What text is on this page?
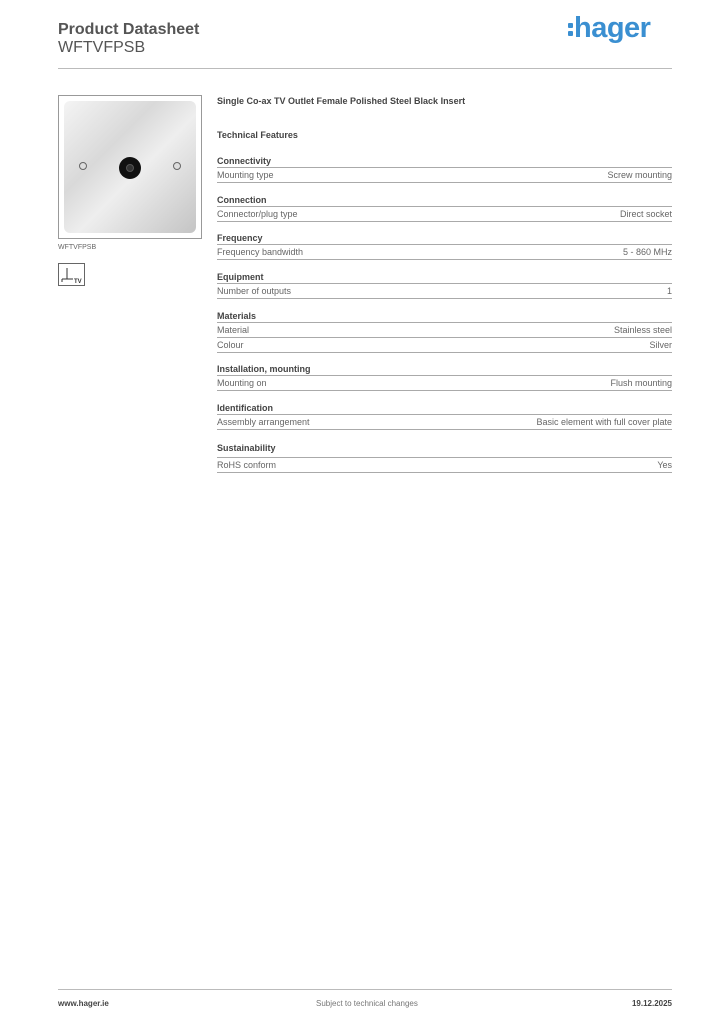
Product Datasheet
WFTVFPSB
hager
WFTVFPSB
TV
Single Co-ax TV Outlet Female Polished Steel Black Insert
Technical Features
Connectivity
Mounting type	Screw mounting
Connection
Connector/plug type	Direct socket
Frequency
Frequency bandwidth	5 - 860 MHz
Equipment
Number of outputs	1
Materials
Material	Stainless steel
Colour	Silver
Installation, mounting
Mounting on	Flush mounting
Identification
Assembly arrangement	Basic element with full cover plate
Sustainability
RoHS conform	Yes
www.hager.ie	Subject to technical changes	19.12.2025
